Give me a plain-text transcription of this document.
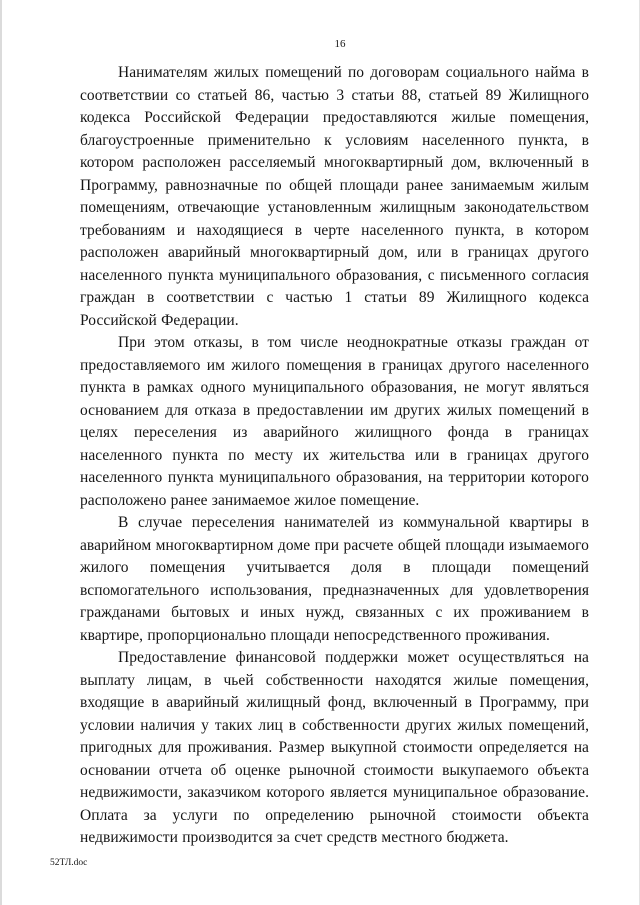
16

Нанимателям жилых помещений по договорам социального найма в соответствии со статьей 86, частью 3 статьи 88, статьей 89 Жилищного кодекса Российской Федерации предоставляются жилые помещения, благоустроенные применительно к условиям населенного пункта, в котором расположен расселяемый многоквартирный дом, включенный в Программу, равнозначные по общей площади ранее занимаемым жилым помещениям, отвечающие установленным жилищным законодательством требованиям и находящиеся в черте населенного пункта, в котором расположен аварийный многоквартирный дом, или в границах другого населенного пункта муниципального образования, с письменного согласия граждан в соответствии с частью 1 статьи 89 Жилищного кодекса Российской Федерации.

При этом отказы, в том числе неоднократные отказы граждан от предоставляемого им жилого помещения в границах другого населенного пункта в рамках одного муниципального образования, не могут являться основанием для отказа в предоставлении им других жилых помещений в целях переселения из аварийного жилищного фонда в границах населенного пункта по месту их жительства или в границах другого населенного пункта муниципального образования, на территории которого расположено ранее занимаемое жилое помещение.

В случае переселения нанимателей из коммунальной квартиры в аварийном многоквартирном доме при расчете общей площади изымаемого жилого помещения учитывается доля в площади помещений вспомогательного использования, предназначенных для удовлетворения гражданами бытовых и иных нужд, связанных с их проживанием в квартире, пропорционально площади непосредственного проживания.

Предоставление финансовой поддержки может осуществляться на выплату лицам, в чьей собственности находятся жилые помещения, входящие в аварийный жилищный фонд, включенный в Программу, при условии наличия у таких лиц в собственности других жилых помещений, пригодных для проживания. Размер выкупной стоимости определяется на основании отчета об оценке рыночной стоимости выкупаемого объекта недвижимости, заказчиком которого является муниципальное образование. Оплата за услуги по определению рыночной стоимости объекта недвижимости производится за счет средств местного бюджета.

52ТЛ.doc
